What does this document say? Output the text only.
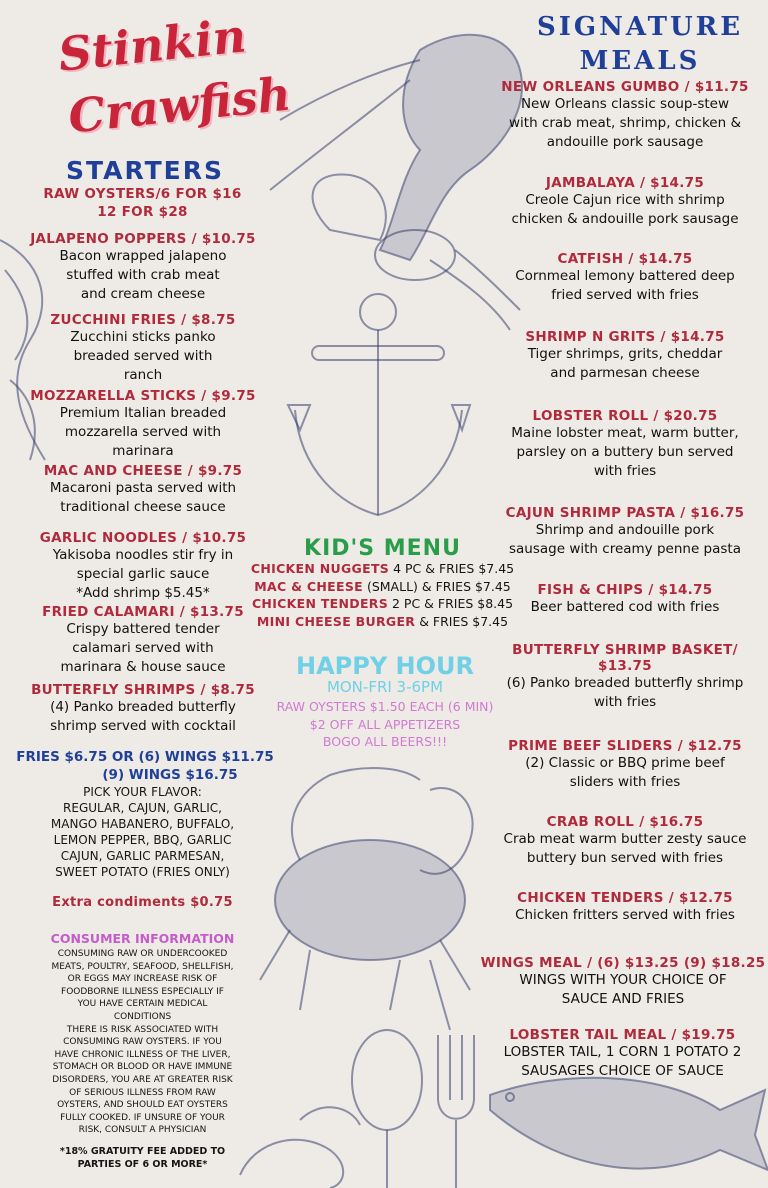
Stinkin
Crawfish
STARTERS
RAW OYSTERS/6 FOR $16
12 FOR $28
JALAPENO POPPERS / $10.75
Bacon wrapped jalapeno
stuffed with crab meat
and cream cheese
ZUCCHINI FRIES / $8.75
Zucchini sticks panko
breaded served with
ranch
MOZZARELLA STICKS / $9.75
Premium Italian breaded
mozzarella served with
marinara
MAC AND CHEESE / $9.75
Macaroni pasta served with
traditional cheese sauce
GARLIC NOODLES / $10.75
Yakisoba noodles stir fry in
special garlic sauce
*Add shrimp $5.45*
FRIED CALAMARI / $13.75
Crispy battered tender
calamari served with
marinara & house sauce
BUTTERFLY SHRIMPS / $8.75
(4) Panko breaded butterfly
shrimp served with cocktail
FRIES $6.75 OR (6) WINGS $11.75
(9) WINGS $16.75
PICK YOUR FLAVOR:
REGULAR, CAJUN, GARLIC,
MANGO HABANERO, BUFFALO,
LEMON PEPPER, BBQ, GARLIC
CAJUN, GARLIC PARMESAN,
SWEET POTATO (FRIES ONLY)
Extra condiments $0.75
CONSUMER INFORMATION
CONSUMING RAW OR UNDERCOOKED
MEATS, POULTRY, SEAFOOD, SHELLFISH,
OR EGGS MAY INCREASE RISK OF
FOODBORNE ILLNESS ESPECIALLY IF
YOU HAVE CERTAIN MEDICAL
CONDITIONS
THERE IS RISK ASSOCIATED WITH
CONSUMING RAW OYSTERS. IF YOU
HAVE CHRONIC ILLNESS OF THE LIVER,
STOMACH OR BLOOD OR HAVE IMMUNE
DISORDERS, YOU ARE AT GREATER RISK
OF SERIOUS ILLNESS FROM RAW
OYSTERS, AND SHOULD EAT OYSTERS
FULLY COOKED. IF UNSURE OF YOUR
RISK, CONSULT A PHYSICIAN
*18% GRATUITY FEE ADDED TO
PARTIES OF 6 OR MORE*
KID'S MENU
CHICKEN NUGGETS 4 PC & FRIES $7.45
MAC & CHEESE (SMALL) & FRIES $7.45
CHICKEN TENDERS 2 PC & FRIES $8.45
MINI CHEESE BURGER & FRIES $7.45
HAPPY HOUR
MON-FRI 3-6PM
RAW OYSTERS $1.50 EACH (6 MIN)
$2 OFF ALL APPETIZERS
BOGO ALL BEERS!!!
SIGNATURE
MEALS
NEW ORLEANS GUMBO / $11.75
New Orleans classic soup-stew
with crab meat, shrimp, chicken &
andouille pork sausage
JAMBALAYA / $14.75
Creole Cajun rice with shrimp
chicken & andouille pork sausage
CATFISH / $14.75
Cornmeal lemony battered deep
fried served with fries
SHRIMP N GRITS / $14.75
Tiger shrimps, grits, cheddar
and parmesan cheese
LOBSTER ROLL / $20.75
Maine lobster meat, warm butter,
parsley on a buttery bun served
with fries
CAJUN SHRIMP PASTA / $16.75
Shrimp and andouille pork
sausage with creamy penne pasta
FISH & CHIPS / $14.75
Beer battered cod with fries
BUTTERFLY SHRIMP BASKET/
$13.75
(6) Panko breaded butterfly shrimp
with fries
PRIME BEEF SLIDERS / $12.75
(2) Classic or BBQ prime beef
sliders with fries
CRAB ROLL / $16.75
Crab meat warm butter zesty sauce
buttery bun served with fries
CHICKEN TENDERS / $12.75
Chicken fritters served with fries
WINGS MEAL / (6) $13.25 (9) $18.25
WINGS WITH YOUR CHOICE OF
SAUCE AND FRIES
LOBSTER TAIL MEAL / $19.75
LOBSTER TAIL, 1 CORN 1 POTATO 2
SAUSAGES CHOICE OF SAUCE
